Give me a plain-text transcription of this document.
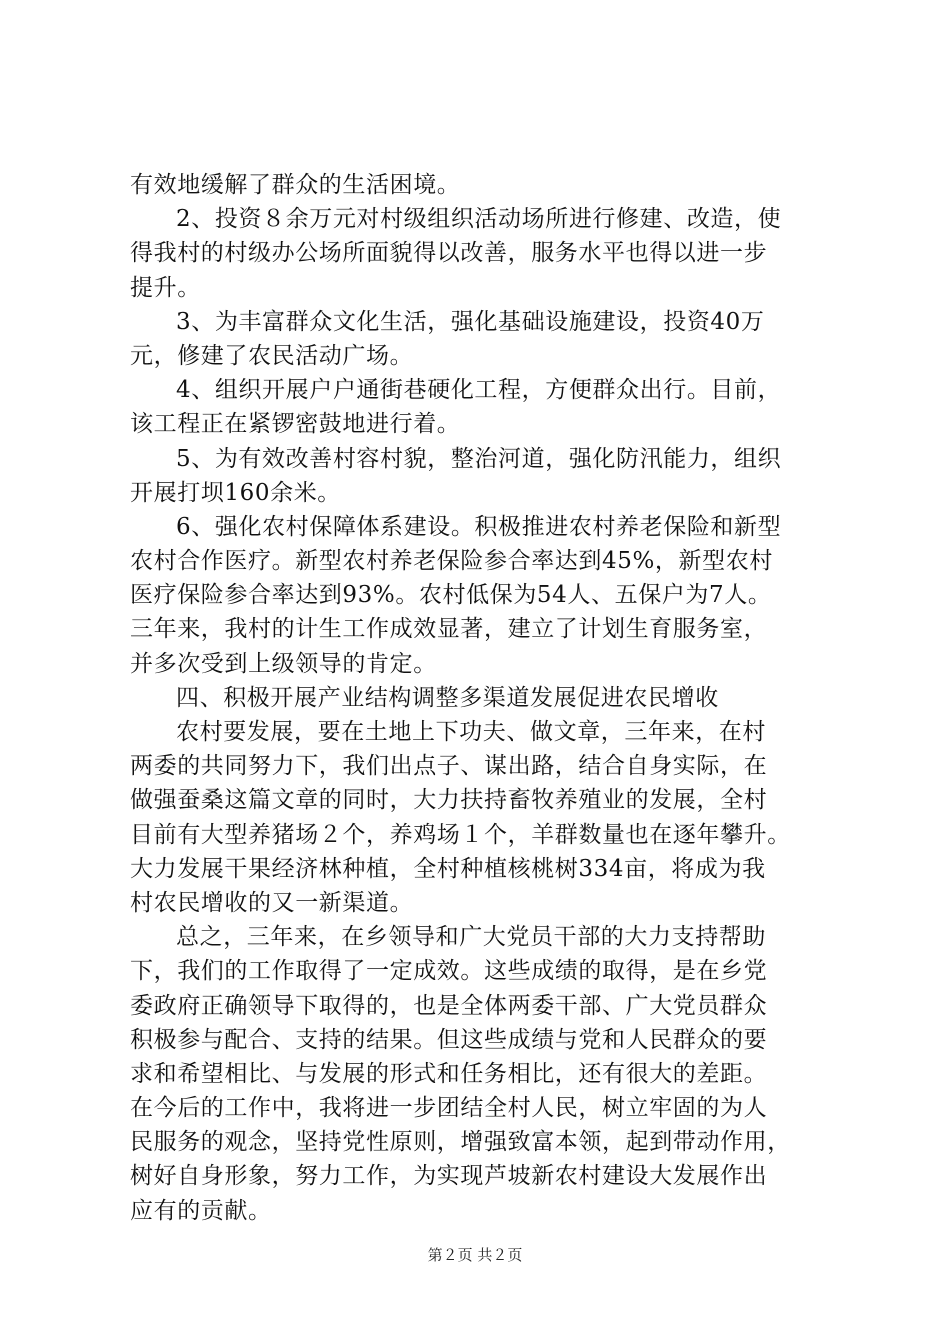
有效地缓解了群众的生活困境。
2、投资８余万元对村级组织活动场所进行修建、改造，使
得我村的村级办公场所面貌得以改善，服务水平也得以进一步
提升。
3、为丰富群众文化生活，强化基础设施建设，投资40万
元，修建了农民活动广场。
4、组织开展户户通街巷硬化工程，方便群众出行。目前，
该工程正在紧锣密鼓地进行着。
5、为有效改善村容村貌，整治河道，强化防汛能力，组织
开展打坝160余米。
6、强化农村保障体系建设。积极推进农村养老保险和新型
农村合作医疗。新型农村养老保险参合率达到45%，新型农村
医疗保险参合率达到93%。农村低保为54人、五保户为7人。
三年来，我村的计生工作成效显著，建立了计划生育服务室，
并多次受到上级领导的肯定。
四、积极开展产业结构调整多渠道发展促进农民增收
农村要发展，要在土地上下功夫、做文章，三年来，在村
两委的共同努力下，我们出点子、谋出路，结合自身实际，在
做强蚕桑这篇文章的同时，大力扶持畜牧养殖业的发展，全村
目前有大型养猪场２个，养鸡场１个，羊群数量也在逐年攀升。
大力发展干果经济林种植，全村种植核桃树334亩，将成为我
村农民增收的又一新渠道。
总之，三年来，在乡领导和广大党员干部的大力支持帮助
下，我们的工作取得了一定成效。这些成绩的取得，是在乡党
委政府正确领导下取得的，也是全体两委干部、广大党员群众
积极参与配合、支持的结果。但这些成绩与党和人民群众的要
求和希望相比、与发展的形式和任务相比，还有很大的差距。
在今后的工作中，我将进一步团结全村人民，树立牢固的为人
民服务的观念，坚持党性原则，增强致富本领，起到带动作用，
树好自身形象，努力工作，为实现芦坡新农村建设大发展作出
应有的贡献。
第２页 共２页
